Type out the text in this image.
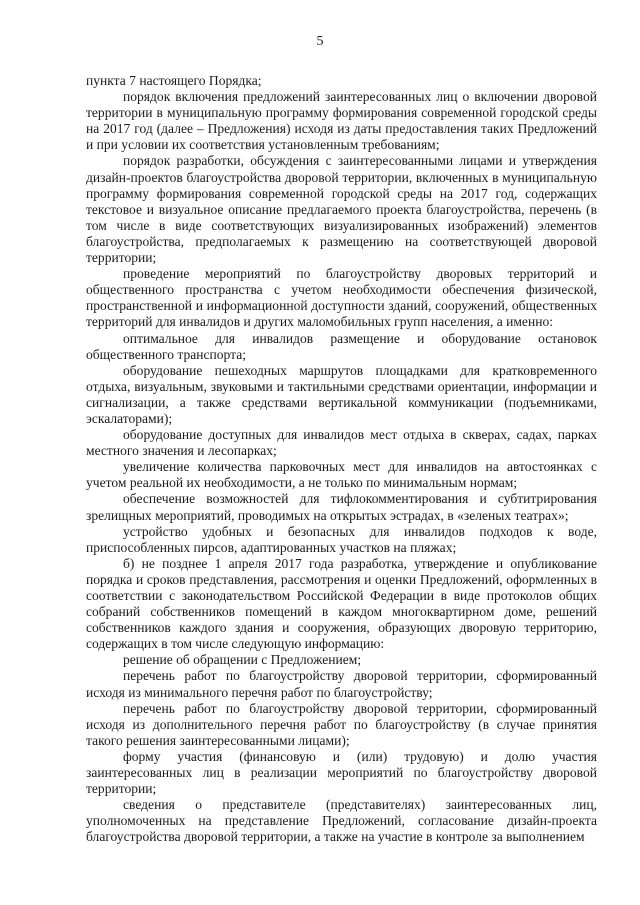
5

пункта 7 настоящего Порядка;

порядок включения предложений заинтересованных лиц о включении дворовой территории в муниципальную программу формирования современной городской среды на 2017 год (далее – Предложения) исходя из даты предоставления таких Предложений и при условии их соответствия установленным требованиям;

порядок разработки, обсуждения с заинтересованными лицами и утверждения дизайн-проектов благоустройства дворовой территории, включенных в муниципальную программу формирования современной городской среды на 2017 год, содержащих текстовое и визуальное описание предлагаемого проекта благоустройства, перечень (в том числе в виде соответствующих визуализированных изображений) элементов благоустройства, предполагаемых к размещению на соответствующей дворовой территории;

проведение мероприятий по благоустройству дворовых территорий и общественного пространства с учетом необходимости обеспечения физической, пространственной и информационной доступности зданий, сооружений, общественных территорий для инвалидов и других маломобильных групп населения, а именно:

оптимальное для инвалидов размещение и оборудование остановок общественного транспорта;

оборудование пешеходных маршрутов площадками для кратковременного отдыха, визуальным, звуковыми и тактильными средствами ориентации, информации и сигнализации, а также средствами вертикальной коммуникации (подъемниками, эскалаторами);

оборудование доступных для инвалидов мест отдыха в скверах, садах, парках местного значения и лесопарках;

увеличение количества парковочных мест для инвалидов на автостоянках с учетом реальной их необходимости, а не только по минимальным нормам;

обеспечение возможностей для тифлокомментирования и субтитрирования зрелищных мероприятий, проводимых на открытых эстрадах, в «зеленых театрах»;

устройство удобных и безопасных для инвалидов подходов к воде, приспособленных пирсов, адаптированных участков на пляжах;

б) не позднее 1 апреля 2017 года разработка, утверждение и опубликование порядка и сроков представления, рассмотрения и оценки Предложений, оформленных в соответствии с законодательством Российской Федерации в виде протоколов общих собраний собственников помещений в каждом многоквартирном доме, решений собственников каждого здания и сооружения, образующих дворовую территорию, содержащих в том числе следующую информацию:

решение об обращении с Предложением;

перечень работ по благоустройству дворовой территории, сформированный исходя из минимального перечня работ по благоустройству;

перечень работ по благоустройству дворовой территории, сформированный исходя из дополнительного перечня работ по благоустройству (в случае принятия такого решения заинтересованными лицами);

форму участия (финансовую и (или) трудовую) и долю участия заинтересованных лиц в реализации мероприятий по благоустройству дворовой территории;

сведения о представителе (представителях) заинтересованных лиц, уполномоченных на представление Предложений, согласование дизайн-проекта благоустройства дворовой территории, а также на участие в контроле за выполнением
